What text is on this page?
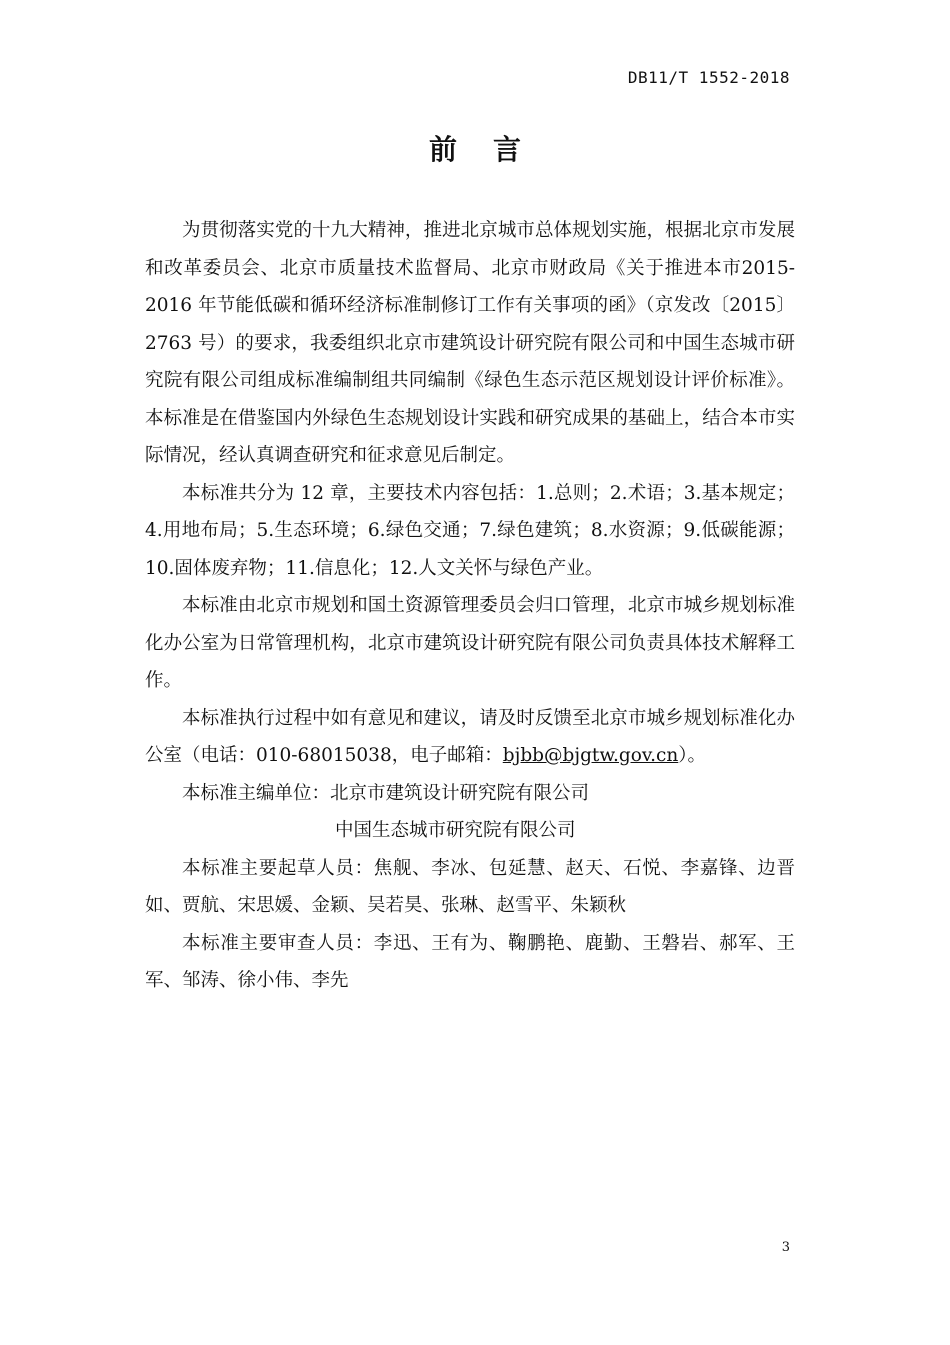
DB11/T 1552-2018
前言

为贯彻落实党的十九大精神，推进北京城市总体规划实施，根据北京市发展和改革委员会、北京市质量技术监督局、北京市财政局《关于推进本市2015-2016 年节能低碳和循环经济标准制修订工作有关事项的函》（京发改〔2015〕2763 号）的要求，我委组织北京市建筑设计研究院有限公司和中国生态城市研究院有限公司组成标准编制组共同编制《绿色生态示范区规划设计评价标准》。本标准是在借鉴国内外绿色生态规划设计实践和研究成果的基础上，结合本市实际情况，经认真调查研究和征求意见后制定。

本标准共分为 12 章，主要技术内容包括：1.总则；2.术语；3.基本规定；4.用地布局；5.生态环境；6.绿色交通；7.绿色建筑；8.水资源；9.低碳能源；10.固体废弃物；11.信息化；12.人文关怀与绿色产业。

本标准由北京市规划和国土资源管理委员会归口管理，北京市城乡规划标准化办公室为日常管理机构，北京市建筑设计研究院有限公司负责具体技术解释工作。

本标准执行过程中如有意见和建议，请及时反馈至北京市城乡规划标准化办公室（电话：010-68015038，电子邮箱：bjbb@bjgtw.gov.cn）。

本标准主编单位：北京市建筑设计研究院有限公司

中国生态城市研究院有限公司

本标准主要起草人员：焦舰、李冰、包延慧、赵天、石悦、李嘉锋、边晋如、贾航、宋思媛、金颖、吴若昊、张琳、赵雪平、朱颖秋

本标准主要审查人员：李迅、王有为、鞠鹏艳、鹿勤、王磐岩、郝军、王军、邹涛、徐小伟、李先

3
